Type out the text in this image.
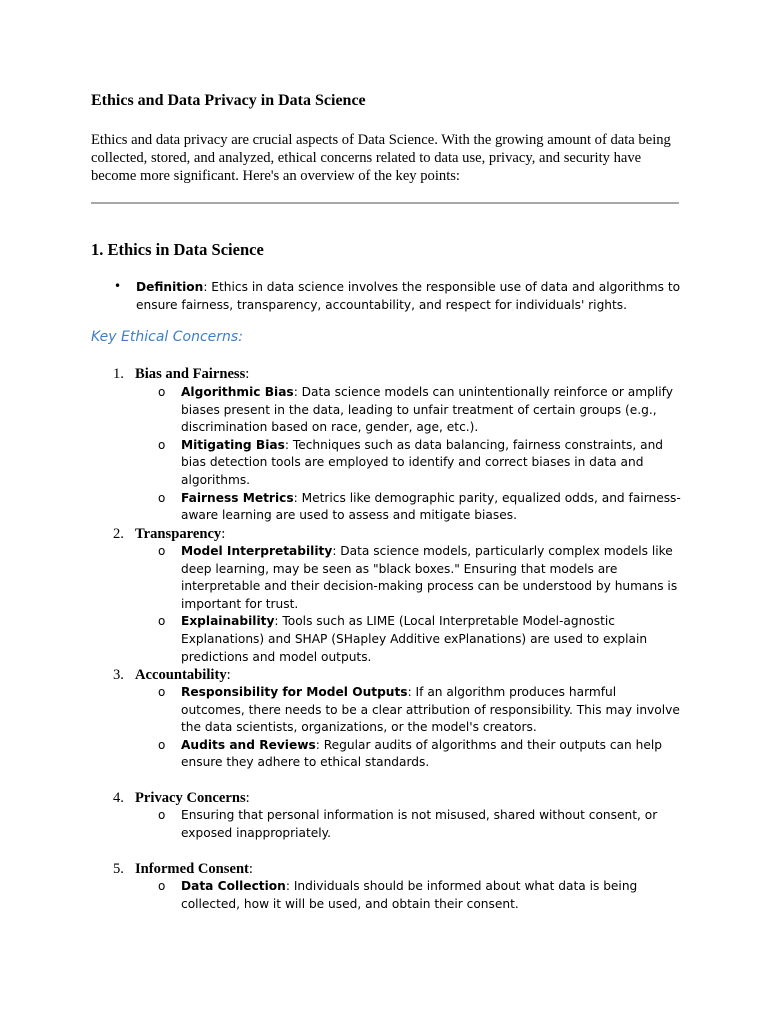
Ethics and Data Privacy in Data Science

Ethics and data privacy are crucial aspects of Data Science. With the growing amount of data being collected, stored, and analyzed, ethical concerns related to data use, privacy, and security have become more significant. Here's an overview of the key points:

1. Ethics in Data Science
• Definition: Ethics in data science involves the responsible use of data and algorithms to ensure fairness, transparency, accountability, and respect for individuals' rights.

Key Ethical Concerns:
1. Bias and Fairness:
o Algorithmic Bias: Data science models can unintentionally reinforce or amplify biases present in the data, leading to unfair treatment of certain groups (e.g., discrimination based on race, gender, age, etc.).
o Mitigating Bias: Techniques such as data balancing, fairness constraints, and bias detection tools are employed to identify and correct biases in data and algorithms.
o Fairness Metrics: Metrics like demographic parity, equalized odds, and fairness-aware learning are used to assess and mitigate biases.
2. Transparency:
o Model Interpretability: Data science models, particularly complex models like deep learning, may be seen as "black boxes." Ensuring that models are interpretable and their decision-making process can be understood by humans is important for trust.
o Explainability: Tools such as LIME (Local Interpretable Model-agnostic Explanations) and SHAP (SHapley Additive exPlanations) are used to explain predictions and model outputs.
3. Accountability:
o Responsibility for Model Outputs: If an algorithm produces harmful outcomes, there needs to be a clear attribution of responsibility. This may involve the data scientists, organizations, or the model's creators.
o Audits and Reviews: Regular audits of algorithms and their outputs can help ensure they adhere to ethical standards.
4. Privacy Concerns:
o Ensuring that personal information is not misused, shared without consent, or exposed inappropriately.
5. Informed Consent:
o Data Collection: Individuals should be informed about what data is being collected, how it will be used, and obtain their consent.
